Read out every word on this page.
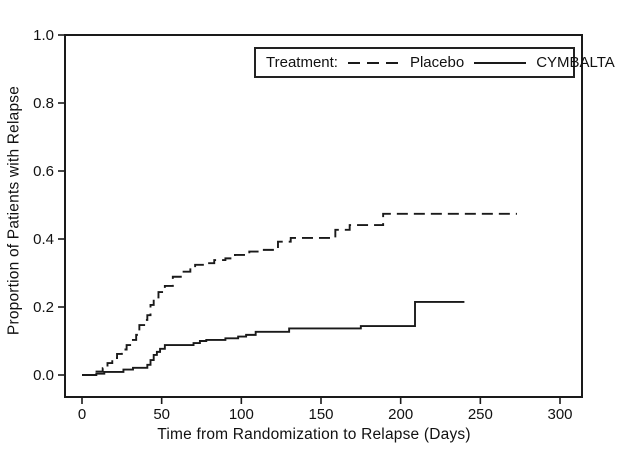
0	50	100	150	200	250	300
0.0
0.2
0.4
0.6
0.8
1.0
Proportion of Patients with Relapse
Time from Randomization to Relapse (Days)
Treatment:	Placebo	CYMBALTA
